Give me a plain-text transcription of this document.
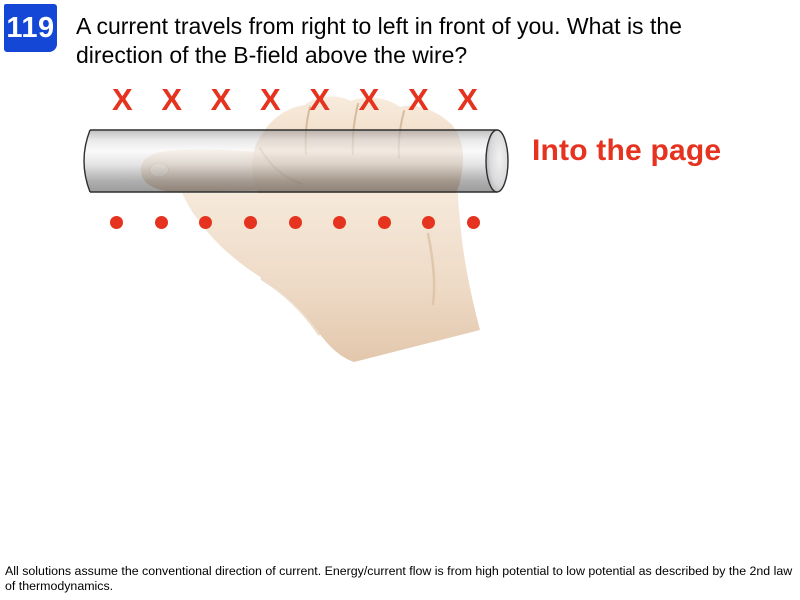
119 A current travels from right to left in front of you. What is the
direction of the B-field above the wire?
X X X X X X X X
Into the page
All solutions assume the conventional direction of current. Energy/current flow is from high potential to low potential as described by the 2nd law of thermodynamics.
